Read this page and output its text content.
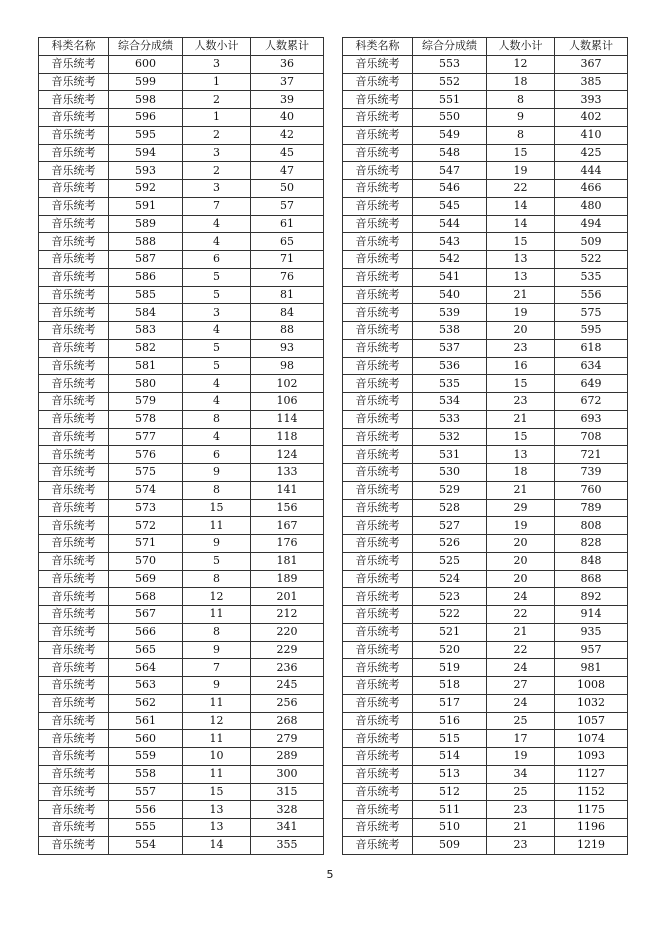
科类名称	综合分成绩	人数小计	人数累计
音乐统考	600	3	36
音乐统考	599	1	37
音乐统考	598	2	39
音乐统考	596	1	40
音乐统考	595	2	42
音乐统考	594	3	45
音乐统考	593	2	47
音乐统考	592	3	50
音乐统考	591	7	57
音乐统考	589	4	61
音乐统考	588	4	65
音乐统考	587	6	71
音乐统考	586	5	76
音乐统考	585	5	81
音乐统考	584	3	84
音乐统考	583	4	88
音乐统考	582	5	93
音乐统考	581	5	98
音乐统考	580	4	102
音乐统考	579	4	106
音乐统考	578	8	114
音乐统考	577	4	118
音乐统考	576	6	124
音乐统考	575	9	133
音乐统考	574	8	141
音乐统考	573	15	156
音乐统考	572	11	167
音乐统考	571	9	176
音乐统考	570	5	181
音乐统考	569	8	189
音乐统考	568	12	201
音乐统考	567	11	212
音乐统考	566	8	220
音乐统考	565	9	229
音乐统考	564	7	236
音乐统考	563	9	245
音乐统考	562	11	256
音乐统考	561	12	268
音乐统考	560	11	279
音乐统考	559	10	289
音乐统考	558	11	300
音乐统考	557	15	315
音乐统考	556	13	328
音乐统考	555	13	341
音乐统考	554	14	355
科类名称	综合分成绩	人数小计	人数累计
音乐统考	553	12	367
音乐统考	552	18	385
音乐统考	551	8	393
音乐统考	550	9	402
音乐统考	549	8	410
音乐统考	548	15	425
音乐统考	547	19	444
音乐统考	546	22	466
音乐统考	545	14	480
音乐统考	544	14	494
音乐统考	543	15	509
音乐统考	542	13	522
音乐统考	541	13	535
音乐统考	540	21	556
音乐统考	539	19	575
音乐统考	538	20	595
音乐统考	537	23	618
音乐统考	536	16	634
音乐统考	535	15	649
音乐统考	534	23	672
音乐统考	533	21	693
音乐统考	532	15	708
音乐统考	531	13	721
音乐统考	530	18	739
音乐统考	529	21	760
音乐统考	528	29	789
音乐统考	527	19	808
音乐统考	526	20	828
音乐统考	525	20	848
音乐统考	524	20	868
音乐统考	523	24	892
音乐统考	522	22	914
音乐统考	521	21	935
音乐统考	520	22	957
音乐统考	519	24	981
音乐统考	518	27	1008
音乐统考	517	24	1032
音乐统考	516	25	1057
音乐统考	515	17	1074
音乐统考	514	19	1093
音乐统考	513	34	1127
音乐统考	512	25	1152
音乐统考	511	23	1175
音乐统考	510	21	1196
音乐统考	509	23	1219
5
